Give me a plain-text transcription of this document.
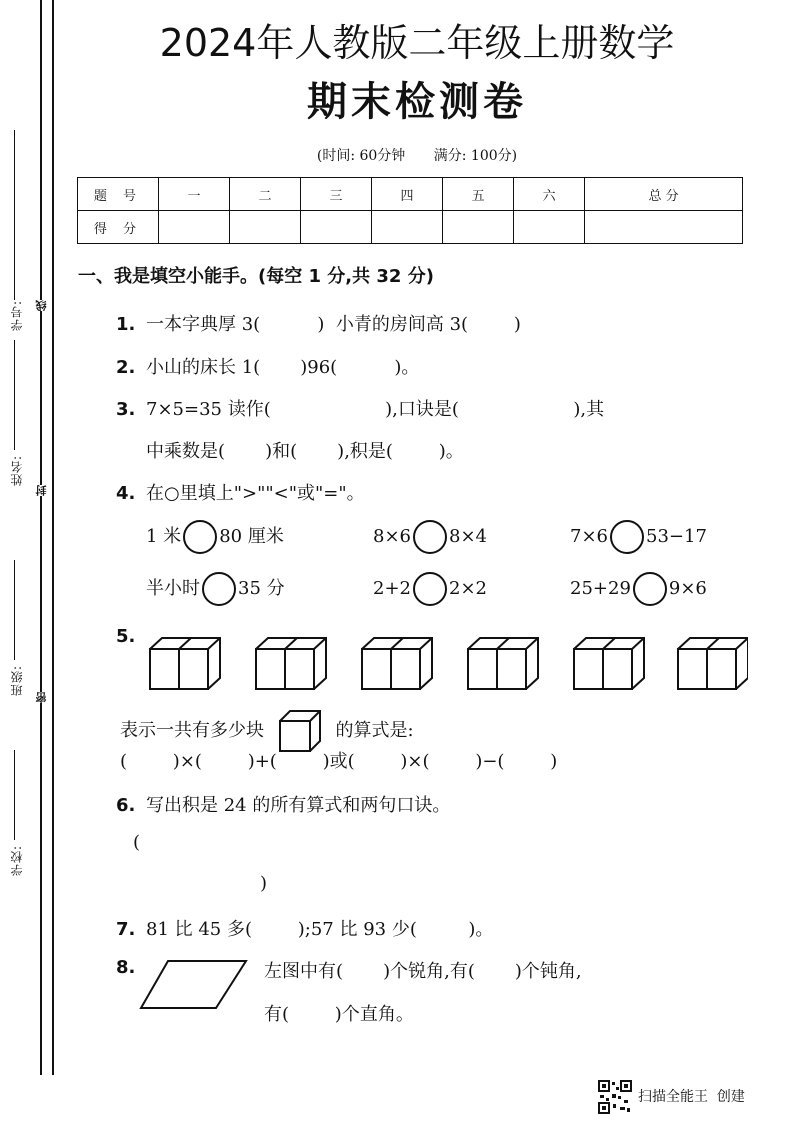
学号:
姓名:
班级:
学校:
线
封
密
2024年人教版二年级上册数学
期末检测卷
(时间: 60分钟 满分: 100分)
题 号	一	二	三	四	五	六	总 分
得 分							
一、我是填空小能手。(每空 1 分,共 32 分)
1. 一本字典厚 3(          )  小青的房间高 3(        )
2. 小山的床长 1(       )96(          )。
3. 7×5=35 读作(                    ),口诀是(                    ),其
中乘数是(       )和(       ),积是(        )。
4. 在○里填上">""<"或"="。
1 米 80 厘米	8×6 8×4	7×6 53−17
半小时 35 分	2+2 2×2	25+29 9×6
5.
表示一共有多少块	的算式是:
(        )×(        )+(        )或(        )×(        )−(        )
6. 写出积是 24 的所有算式和两句口诀。
(
)
7. 81 比 45 多(        );57 比 93 少(         )。
8.	左图中有(       )个锐角,有(       )个钝角,
有(        )个直角。
扫描全能王  创建
